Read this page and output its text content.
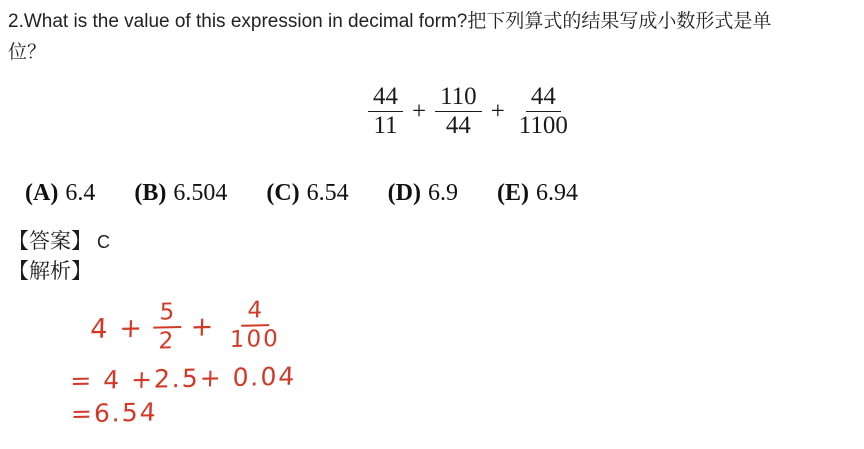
2.What is the value of this expression in decimal form?把下列算式的结果写成小数形式是单
位？
$\frac{44}{11} + \frac{110}{44} + \frac{44}{1100}$
(A) 6.4 (B) 6.504 (C) 6.54 (D) 6.9 (E) 6.94
【答案】 C
【解析】
$4 + \frac{5}{2} + \frac{4}{100}$
= 4 +2.5+ 0.04
=6.54
